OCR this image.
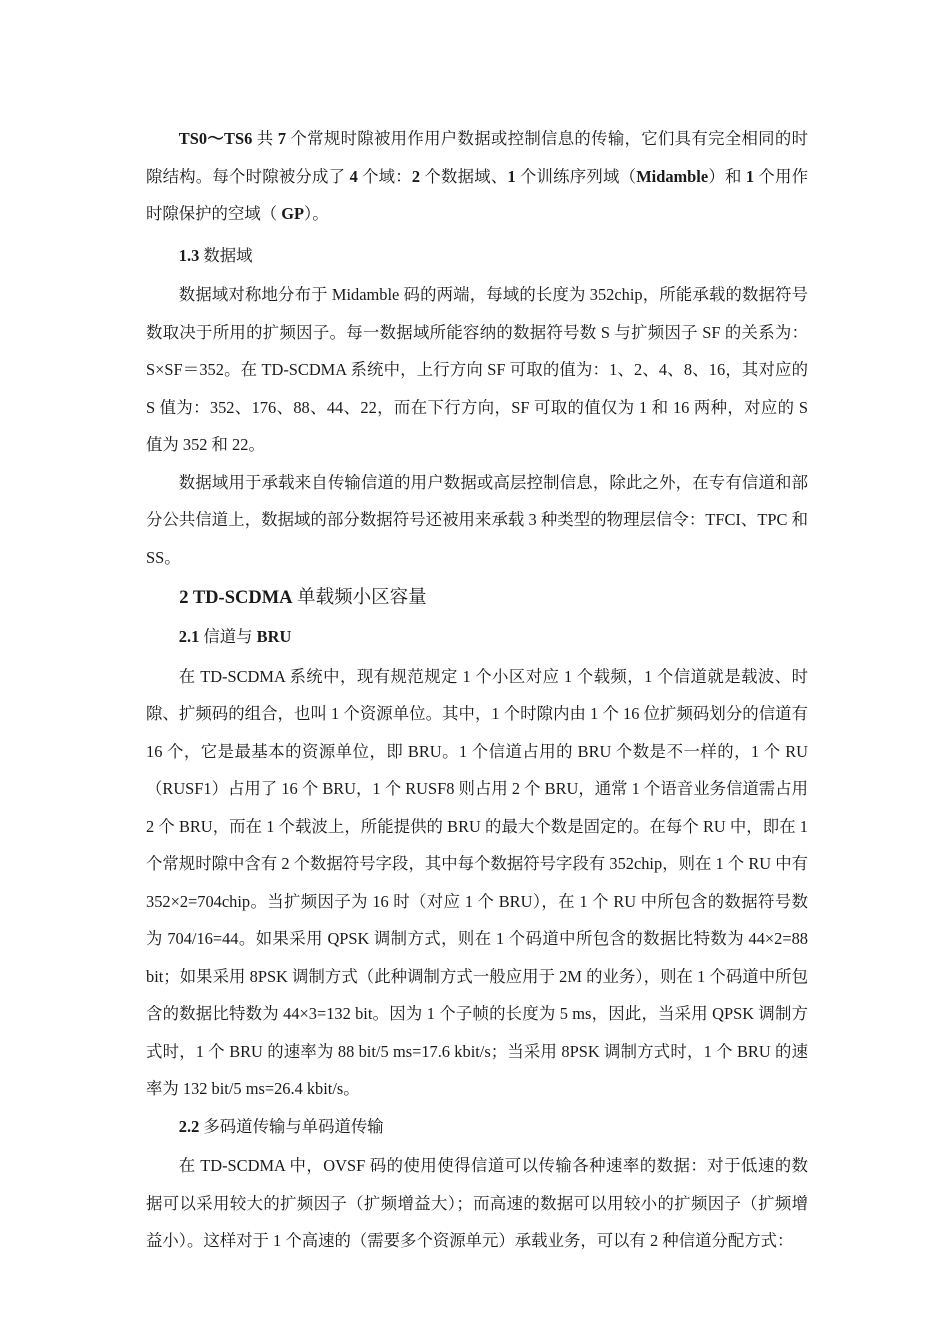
TS0～TS6 共 7 个常规时隙被用作用户数据或控制信息的传输，它们具有完全相同的时隙结构。每个时隙被分成了 4 个域：2 个数据域、1 个训练序列域（Midamble）和 1 个用作时隙保护的空域（ GP）。

1.3 数据域

数据域对称地分布于 Midamble 码的两端，每域的长度为 352chip，所能承载的数据符号数取决于所用的扩频因子。每一数据域所能容纳的数据符号数 S 与扩频因子 SF 的关系为：S×SF＝352。在 TD-SCDMA 系统中，上行方向 SF 可取的值为：1、2、4、8、16，其对应的 S 值为：352、176、88、44、22，而在下行方向，SF 可取的值仅为 1 和 16 两种，对应的 S 值为 352 和 22。

数据域用于承载来自传输信道的用户数据或高层控制信息，除此之外，在专有信道和部分公共信道上，数据域的部分数据符号还被用来承载 3 种类型的物理层信令：TFCI、TPC 和 SS。

2 TD-SCDMA 单载频小区容量
2.1 信道与 BRU

在 TD-SCDMA 系统中，现有规范规定 1 个小区对应 1 个载频，1 个信道就是载波、时隙、扩频码的组合，也叫 1 个资源单位。其中，1 个时隙内由 1 个 16 位扩频码划分的信道有 16 个，它是最基本的资源单位，即 BRU。1 个信道占用的 BRU 个数是不一样的，1 个 RU（RUSF1）占用了 16 个 BRU，1 个 RUSF8 则占用 2 个 BRU，通常 1 个语音业务信道需占用 2 个 BRU，而在 1 个载波上，所能提供的 BRU 的最大个数是固定的。在每个 RU 中，即在 1 个常规时隙中含有 2 个数据符号字段，其中每个数据符号字段有 352chip，则在 1 个 RU 中有 352×2=704chip。当扩频因子为 16 时（对应 1 个 BRU），在 1 个 RU 中所包含的数据符号数为 704/16=44。如果采用 QPSK 调制方式，则在 1 个码道中所包含的数据比特数为 44×2=88 bit；如果采用 8PSK 调制方式（此种调制方式一般应用于 2M 的业务），则在 1 个码道中所包含的数据比特数为 44×3=132 bit。因为 1 个子帧的长度为 5 ms，因此，当采用 QPSK 调制方式时，1 个 BRU 的速率为 88 bit/5 ms=17.6 kbit/s；当采用 8PSK 调制方式时，1 个 BRU 的速率为 132 bit/5 ms=26.4 kbit/s。

2.2 多码道传输与单码道传输

在 TD-SCDMA 中，OVSF 码的使用使得信道可以传输各种速率的数据：对于低速的数据可以采用较大的扩频因子（扩频增益大）；而高速的数据可以用较小的扩频因子（扩频增益小）。这样对于 1 个高速的（需要多个资源单元）承载业务，可以有 2 种信道分配方式：
